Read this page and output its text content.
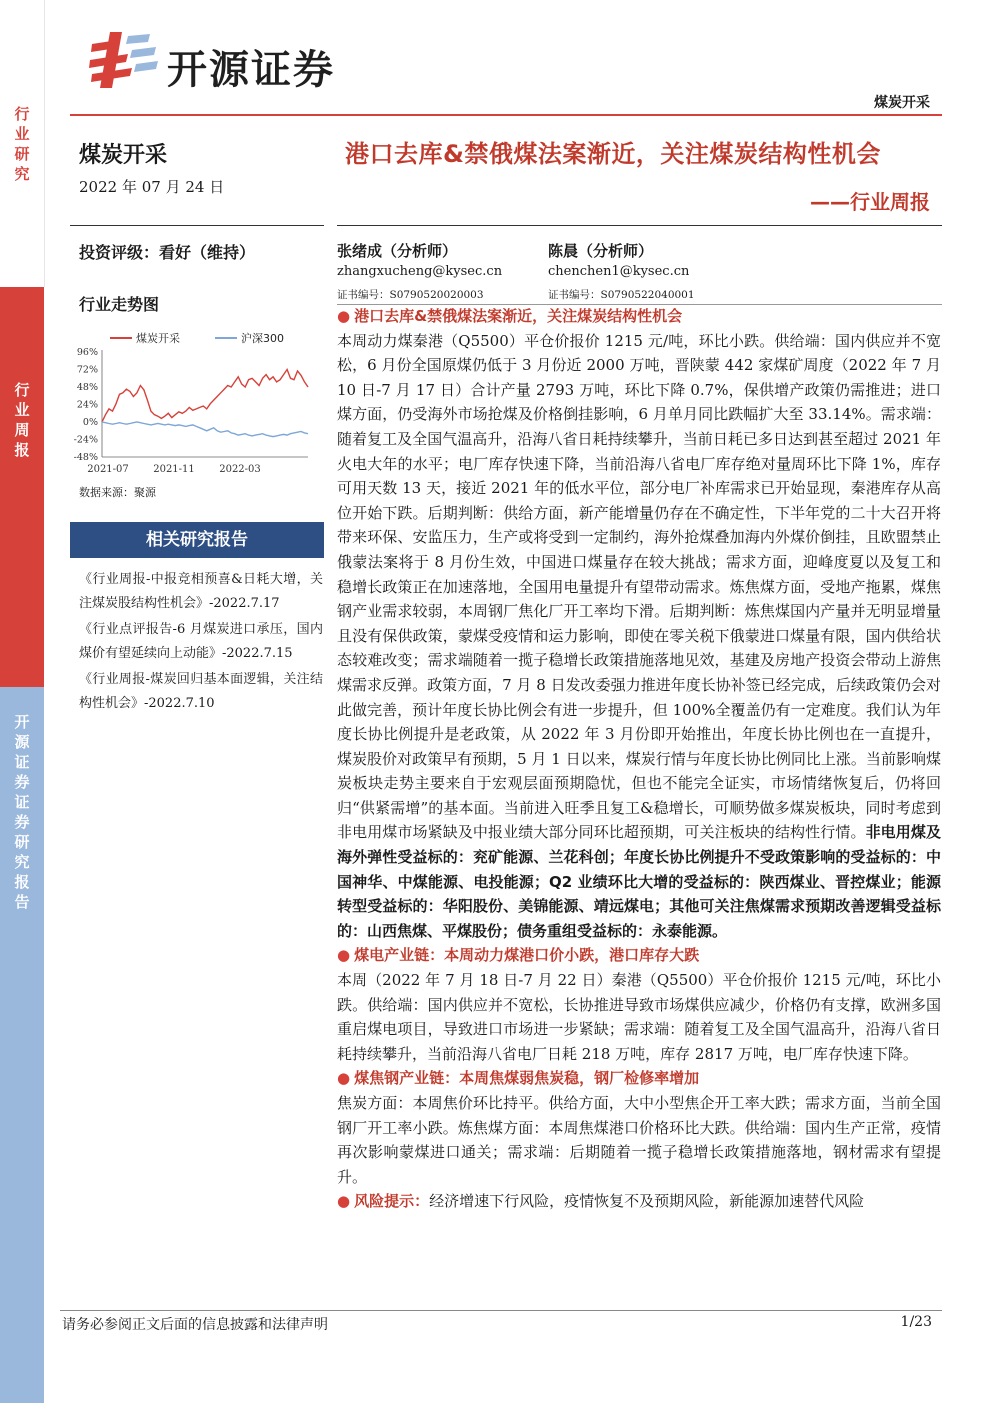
行业研究
行业周报
开源证券证券研究报告
开源证券
煤炭开采
煤炭开采
2022 年 07 月 24 日
投资评级：看好（维持）
行业走势图
煤炭开采	沪深300
96%
72%
48%
24%
0%
-24%
-48%
2021-07 2021-11 2022-03
数据来源：聚源
相关研究报告
《行业周报-中报竞相预喜&日耗大增，关注煤炭股结构性机会》-2022.7.17
《行业点评报告-6 月煤炭进口承压，国内煤价有望延续向上动能》-2022.7.15
《行业周报-煤炭回归基本面逻辑，关注结构性机会》-2022.7.10
港口去库&禁俄煤法案渐近，关注煤炭结构性机会
——行业周报
张绪成（分析师）
zhangxucheng@kysec.cn
证书编号：S0790520020003
陈晨（分析师）
chenchen1@kysec.cn
证书编号：S0790522040001

● 港口去库&禁俄煤法案渐近，关注煤炭结构性机会

本周动力煤秦港（Q5500）平仓价报价 1215 元/吨，环比小跌。供给端：国内供应并不宽松，6 月份全国原煤仍低于 3 月份近 2000 万吨，晋陕蒙 442 家煤矿周度（2022 年 7 月 10 日-7 月 17 日）合计产量 2793 万吨，环比下降 0.7%，保供增产政策仍需推进；进口煤方面，仍受海外市场抢煤及价格倒挂影响，6 月单月同比跌幅扩大至 33.14%。需求端：随着复工及全国气温高升，沿海八省日耗持续攀升，当前日耗已多日达到甚至超过 2021 年火电大年的水平；电厂库存快速下降，当前沿海八省电厂库存绝对量周环比下降 1%，库存可用天数 13 天，接近 2021 年的低水平位，部分电厂补库需求已开始显现，秦港库存从高位开始下跌。后期判断：供给方面，新产能增量仍存在不确定性，下半年党的二十大召开将带来环保、安监压力，生产或将受到一定制约，海外抢煤叠加海内外煤价倒挂，且欧盟禁止俄蒙法案将于 8 月份生效，中国进口煤量存在较大挑战；需求方面，迎峰度夏以及复工和稳增长政策正在加速落地，全国用电量提升有望带动需求。炼焦煤方面，受地产拖累，煤焦钢产业需求较弱，本周钢厂焦化厂开工率均下滑。后期判断：炼焦煤国内产量并无明显增量且没有保供政策，蒙煤受疫情和运力影响，即使在零关税下俄蒙进口煤量有限，国内供给状态较难改变；需求端随着一揽子稳增长政策措施落地见效，基建及房地产投资会带动上游焦煤需求反弹。政策方面，7 月 8 日发改委强力推进年度长协补签已经完成，后续政策仍会对此做完善，预计年度长协比例会有进一步提升，但 100%全覆盖仍有一定难度。我们认为年度长协比例提升是老政策，从 2022 年 3 月份即开始推出，年度长协比例也在一直提升，煤炭股价对政策早有预期，5 月 1 日以来，煤炭行情与年度长协比例同比上涨。当前影响煤炭板块走势主要来自于宏观层面预期隐忧，但也不能完全证实，市场情绪恢复后，仍将回归“供紧需增”的基本面。当前进入旺季且复工&稳增长，可顺势做多煤炭板块，同时考虑到非电用煤市场紧缺及中报业绩大部分同环比超预期，可关注板块的结构性行情。非电用煤及海外弹性受益标的：兖矿能源、兰花科创；年度长协比例提升不受政策影响的受益标的：中国神华、中煤能源、电投能源；Q2 业绩环比大增的受益标的：陕西煤业、晋控煤业；能源转型受益标的：华阳股份、美锦能源、靖远煤电；其他可关注焦煤需求预期改善逻辑受益标的：山西焦煤、平煤股份；债务重组受益标的：永泰能源。

● 煤电产业链：本周动力煤港口价小跌，港口库存大跌

本周（2022 年 7 月 18 日-7 月 22 日）秦港（Q5500）平仓价报价 1215 元/吨，环比小跌。供给端：国内供应并不宽松，长协推进导致市场煤供应减少，价格仍有支撑，欧洲多国重启煤电项目，导致进口市场进一步紧缺；需求端：随着复工及全国气温高升，沿海八省日耗持续攀升，当前沿海八省电厂日耗 218 万吨，库存 2817 万吨，电厂库存快速下降。

● 煤焦钢产业链：本周焦煤弱焦炭稳，钢厂检修率增加

焦炭方面：本周焦价环比持平。供给方面，大中小型焦企开工率大跌；需求方面，当前全国钢厂开工率小跌。炼焦煤方面：本周焦煤港口价格环比大跌。供给端：国内生产正常，疫情再次影响蒙煤进口通关；需求端：后期随着一揽子稳增长政策措施落地，钢材需求有望提升。

● 风险提示：经济增速下行风险，疫情恢复不及预期风险，新能源加速替代风险

请务必参阅正文后面的信息披露和法律声明	1/23
